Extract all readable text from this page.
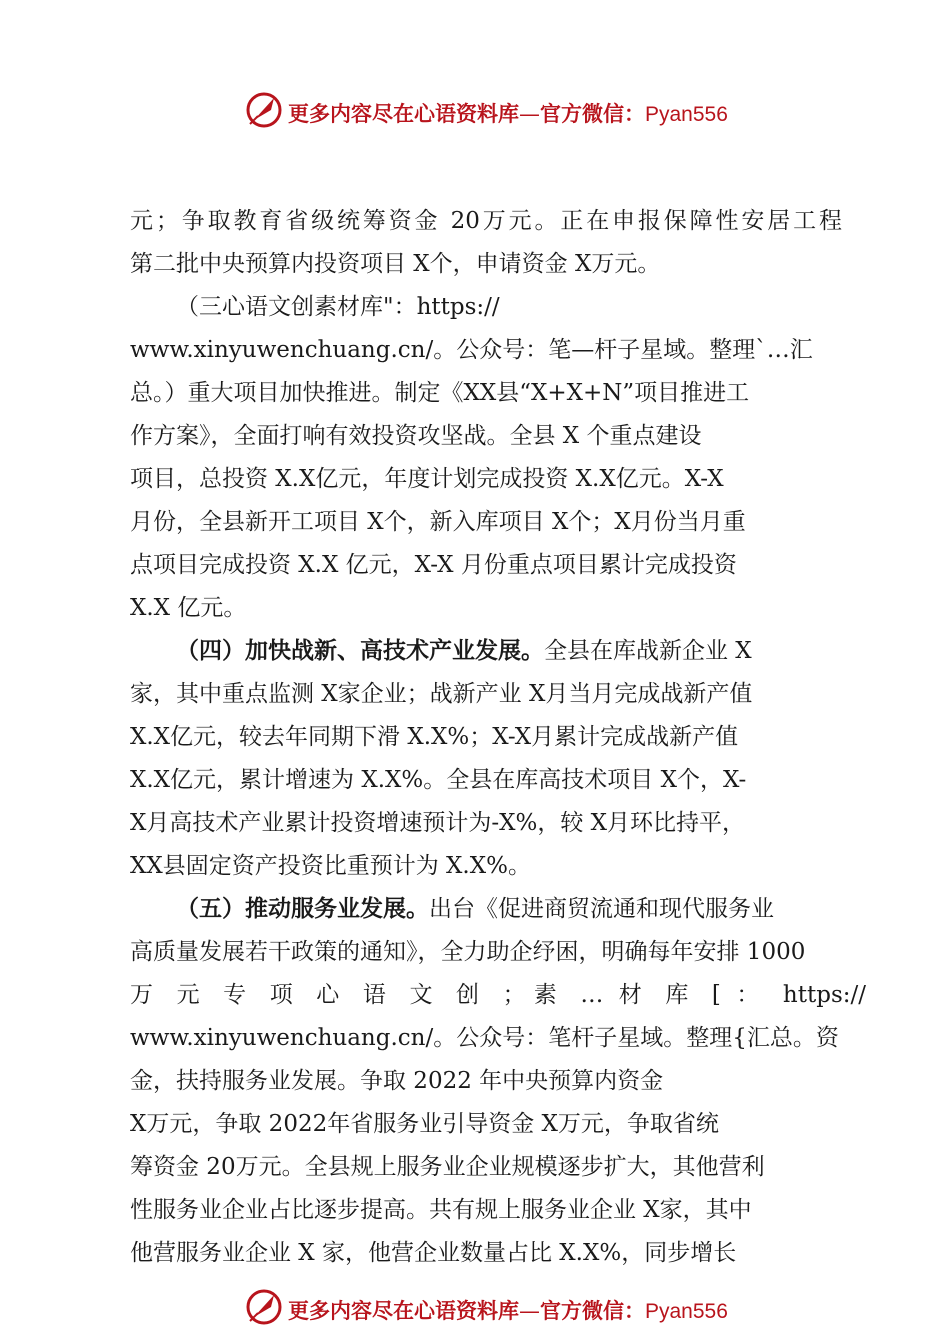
更多内容尽在心语资料库—官方微信：Pyan556
元；争取教育省级统筹资金 20万元。正在申报保障性安居工程
第二批中央预算内投资项目 X个，申请资金 X万元。
（三心语文创素材库"：https://
www.xinyuwenchuang.cn/。公众号：笔—杆子星域。整理`…汇
总。）重大项目加快推进。制定《XX县“X+X+N”项目推进工
作方案》，全面打响有效投资攻坚战。全县 X 个重点建设
项目，总投资 X.X亿元，年度计划完成投资 X.X亿元。X-X
月份，全县新开工项目 X个，新入库项目 X个；X月份当月重
点项目完成投资 X.X 亿元，X-X 月份重点项目累计完成投资
X.X 亿元。
（四）加快战新、高技术产业发展。全县在库战新企业 X
家，其中重点监测 X家企业；战新产业 X月当月完成战新产值
X.X亿元，较去年同期下滑 X.X%；X-X月累计完成战新产值
X.X亿元，累计增速为 X.X%。全县在库高技术项目 X个，X-
X月高技术产业累计投资增速预计为-X%，较 X月环比持平，
XX县固定资产投资比重预计为 X.X%。
（五）推动服务业发展。出台《促进商贸流通和现代服务业
高质量发展若干政策的通知》，全力助企纾困，明确每年安排 1000
万 元 专 项 心 语 文 创 ；素 … 材 库 [ ： https://
www.xinyuwenchuang.cn/。公众号：笔杆子星域。整理{汇总。资
金，扶持服务业发展。争取 2022 年中央预算内资金
X万元，争取 2022年省服务业引导资金 X万元，争取省统
筹资金 20万元。全县规上服务业企业规模逐步扩大，其他营利
性服务业企业占比逐步提高。共有规上服务业企业 X家，其中
他营服务业企业 X 家，他营企业数量占比 X.X%，同步增长
更多内容尽在心语资料库—官方微信：Pyan556
